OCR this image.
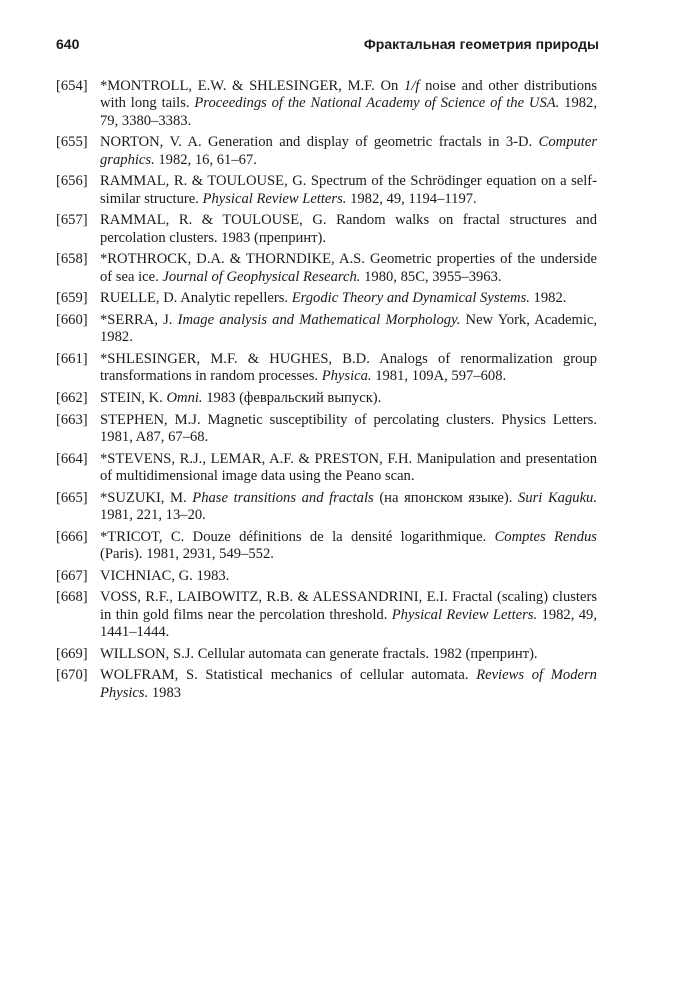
640	Фрактальная геометрия природы
[654] *MONTROLL, E.W. & SHLESINGER, M.F. On 1/f noise and other distributions with long tails. Proceedings of the National Academy of Science of the USA. 1982, 79, 3380–3383.
[655] NORTON, V. A. Generation and display of geometric fractals in 3-D. Computer graphics. 1982, 16, 61–67.
[656] RAMMAL, R. & TOULOUSE, G. Spectrum of the Schrödinger equation on a self-similar structure. Physical Review Letters. 1982, 49, 1194–1197.
[657] RAMMAL, R. & TOULOUSE, G. Random walks on fractal structures and percolation clusters. 1983 (препринт).
[658] *ROTHROCK, D.A. & THORNDIKE, A.S. Geometric properties of the underside of sea ice. Journal of Geophysical Research. 1980, 85C, 3955–3963.
[659] RUELLE, D. Analytic repellers. Ergodic Theory and Dynamical Systems. 1982.
[660] *SERRA, J. Image analysis and Mathematical Morphology. New York, Academic, 1982.
[661] *SHLESINGER, M.F. & HUGHES, B.D. Analogs of renormalization group transformations in random processes. Physica. 1981, 109A, 597–608.
[662] STEIN, K. Omni. 1983 (февральский выпуск).
[663] STEPHEN, M.J. Magnetic susceptibility of percolating clusters. Physics Letters. 1981, A87, 67–68.
[664] *STEVENS, R.J., LEMAR, A.F. & PRESTON, F.H. Manipulation and presentation of multidimensional image data using the Peano scan.
[665] *SUZUKI, M. Phase transitions and fractals (на японском языке). Suri Kaguku. 1981, 221, 13–20.
[666] *TRICOT, C. Douze définitions de la densité logarithmique. Comptes Rendus (Paris). 1981, 2931, 549–552.
[667] VICHNIAC, G. 1983.
[668] VOSS, R.F., LAIBOWITZ, R.B. & ALESSANDRINI, E.I. Fractal (scaling) clusters in thin gold films near the percolation threshold. Physical Review Letters. 1982, 49, 1441–1444.
[669] WILLSON, S.J. Cellular automata can generate fractals. 1982 (препринт).
[670] WOLFRAM, S. Statistical mechanics of cellular automata. Reviews of Modern Physics. 1983
